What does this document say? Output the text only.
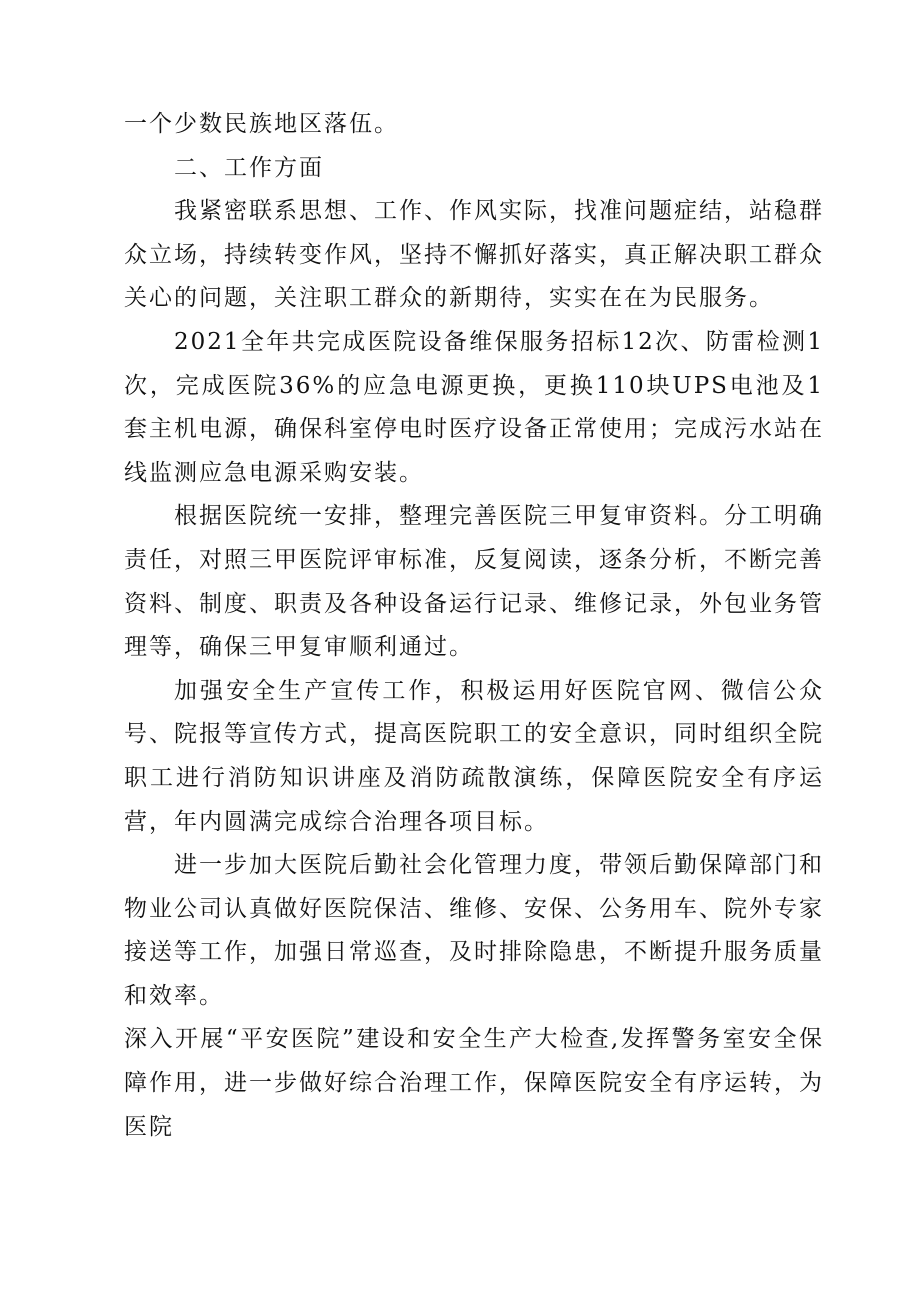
一个少数民族地区落伍。

二、工作方面

我紧密联系思想、工作、作风实际，找准问题症结，站稳群众立场，持续转变作风，坚持不懈抓好落实，真正解决职工群众关心的问题，关注职工群众的新期待，实实在在为民服务。

2021全年共完成医院设备维保服务招标12次、防雷检测1次，完成医院36%的应急电源更换，更换110块UPS电池及1套主机电源，确保科室停电时医疗设备正常使用；完成污水站在线监测应急电源采购安装。

根据医院统一安排，整理完善医院三甲复审资料。分工明确责任，对照三甲医院评审标准，反复阅读，逐条分析，不断完善资料、制度、职责及各种设备运行记录、维修记录，外包业务管理等，确保三甲复审顺利通过。

加强安全生产宣传工作，积极运用好医院官网、微信公众号、院报等宣传方式，提高医院职工的安全意识，同时组织全院职工进行消防知识讲座及消防疏散演练，保障医院安全有序运营，年内圆满完成综合治理各项目标。

进一步加大医院后勤社会化管理力度，带领后勤保障部门和物业公司认真做好医院保洁、维修、安保、公务用车、院外专家接送等工作，加强日常巡查，及时排除隐患，不断提升服务质量和效率。

深入开展“平安医院”建设和安全生产大检查,发挥警务室安全保障作用，进一步做好综合治理工作，保障医院安全有序运转，为医院
